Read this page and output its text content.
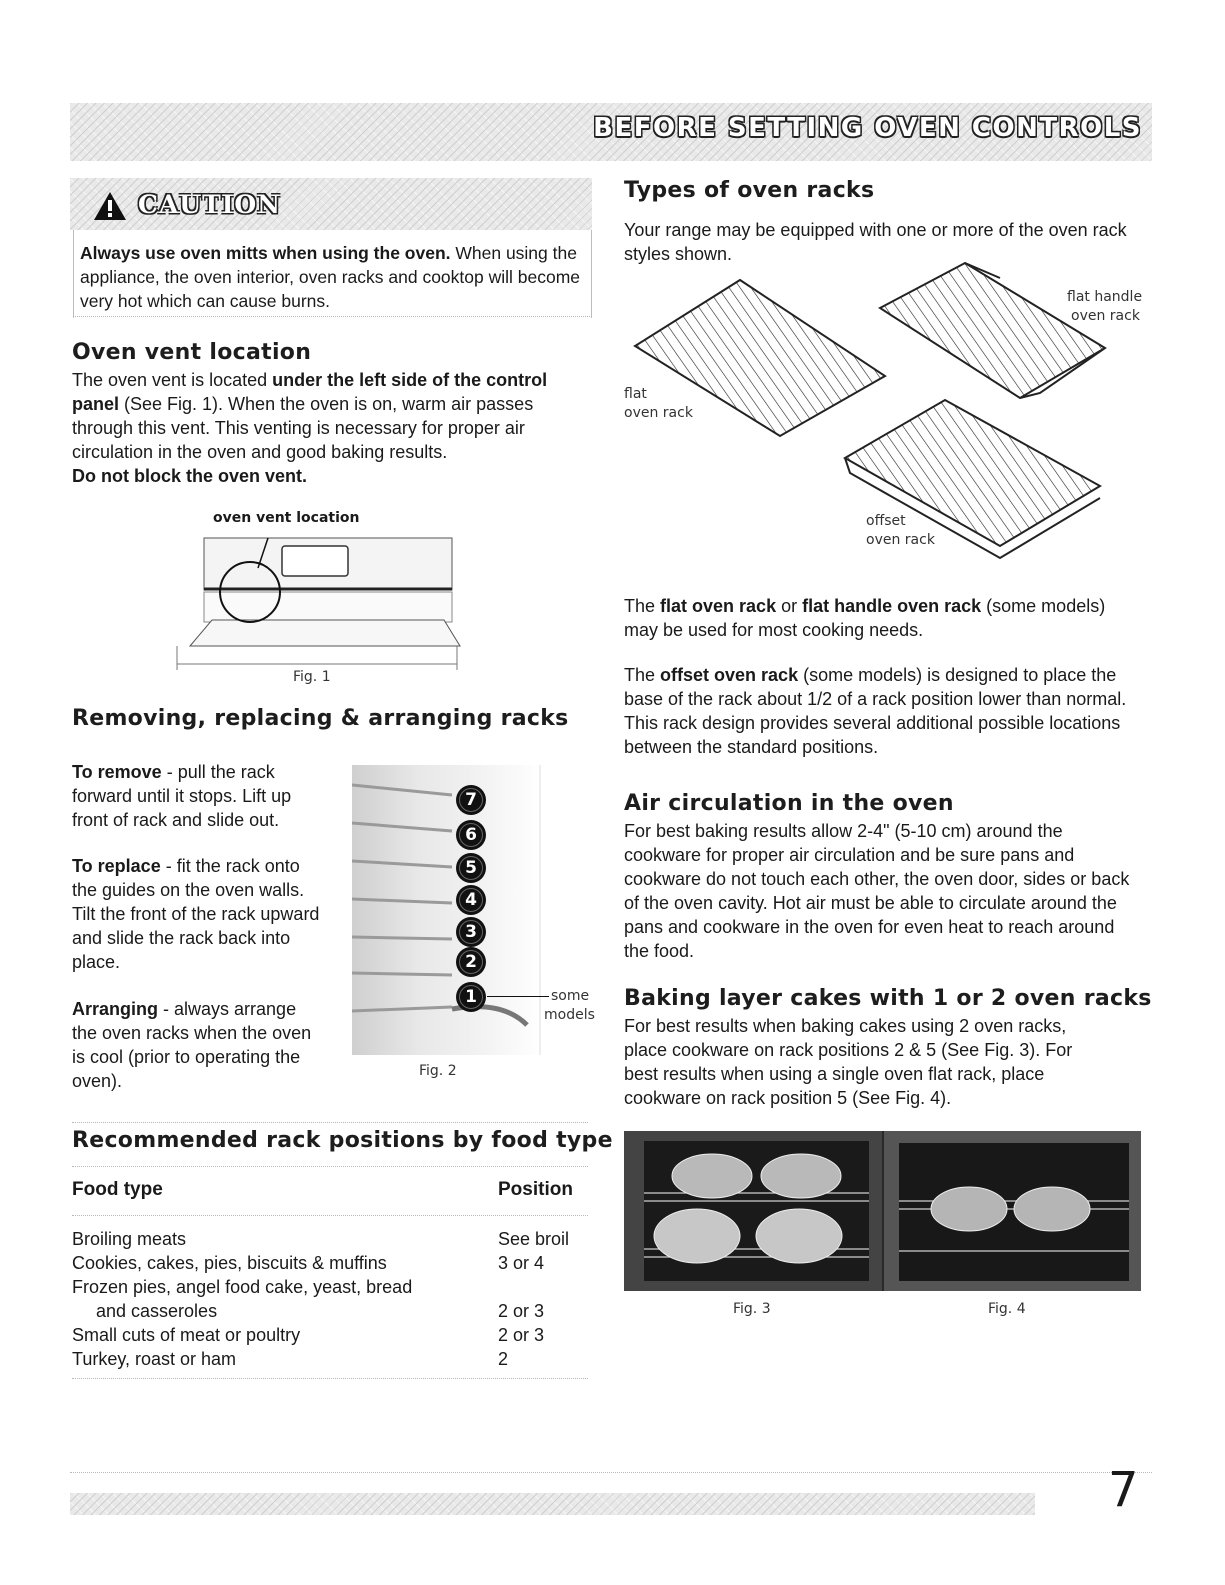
BEFORE SETTING OVEN CONTROLS
CAUTION

Always use oven mitts when using the oven. When using the appliance, the oven interior, oven racks and cooktop will become very hot which can cause burns.

Oven vent location

The oven vent is located under the left side of the control panel (See Fig. 1). When the oven is on, warm air passes through this vent. This venting is necessary for proper air circulation in the oven and good baking results.
Do not block the oven vent.

oven vent location
Fig. 1
Removing, replacing & arranging racks

To remove - pull the rack forward until it stops. Lift up front of rack and slide out.

To replace - fit the rack onto the guides on the oven walls. Tilt the front of the rack upward and slide the rack back into place.

Arranging - always arrange the oven racks when the oven is cool (prior to operating the oven).

7
6
5
4
3
2
1	some
models
Fig. 2
Recommended rack positions by food type
Food type	Position
Broiling meats	See broil
Cookies, cakes, pies, biscuits & muffins	3 or 4
Frozen pies, angel food cake, yeast, bread
and casseroles	2 or 3
Small cuts of meat or poultry	2 or 3
Turkey, roast or ham	2
Types of oven racks

Your range may be equipped with one or more of the oven rack styles shown.

flat handle
oven rack
flat
oven rack
offset
oven rack

The flat oven rack or flat handle oven rack (some models) may be used for most cooking needs.

The offset oven rack (some models) is designed to place the base of the rack about 1/2 of a rack position lower than normal. This rack design provides several additional possible locations between the standard positions.

Air circulation in the oven

For best baking results allow 2-4" (5-10 cm) around the cookware for proper air circulation and be sure pans and cookware do not touch each other, the oven door, sides or back of the oven cavity. Hot air must be able to circulate around the pans and cookware in the oven for even heat to reach around the food.

Baking layer cakes with 1 or 2 oven racks

For best results when baking cakes using 2 oven racks, place cookware on rack positions 2 & 5 (See Fig. 3). For best results when using a single oven flat rack, place cookware on rack position 5 (See Fig. 4).

Fig. 3	Fig. 4
7
